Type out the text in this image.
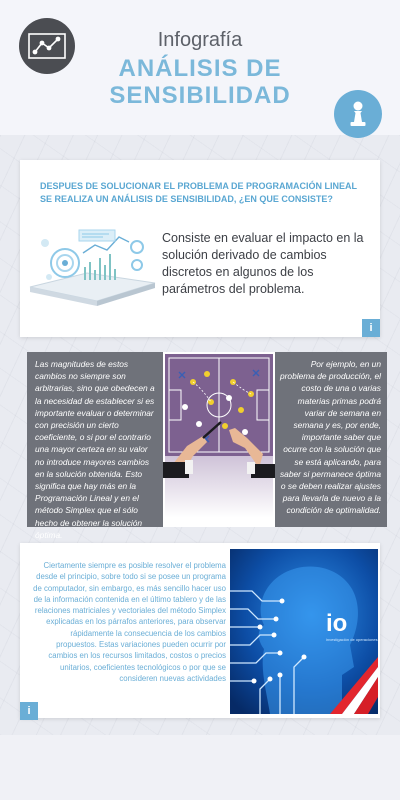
Infografía
ANÁLISIS DE
SENSIBILIDAD
DESPUES DE SOLUCIONAR EL PROBLEMA DE PROGRAMACIÓN LINEAL SE REALIZA UN ANÁLISIS DE SENSIBILIDAD, ¿EN QUE CONSISTE?
Consiste en evaluar el impacto en la solución derivado de cambios discretos en algunos de los parámetros del problema.
i
Las magnitudes de estos cambios no siempre son arbitrarias, sino que obedecen a la necesidad de establecer si es importante evaluar o determinar con precisión un cierto coeficiente, o si por el contrario una mayor certeza en su valor no introduce mayores cambios en la solución obtenida. Esto significa que hay más en la Programación Lineal y en el método Simplex que el sólo hecho de obtener la solución óptima.
Por ejemplo, en un problema de producción, el costo de una o varias materias primas podrá variar de semana en semana y es, por ende, importante saber que ocurre con la solución que se está aplicando, para saber si permanece óptima o se deben realizar ajustes para llevarla de nuevo a la condición de optimalidad.
Ciertamente siempre es posible resolver el problema desde el principio, sobre todo si se posee un programa de computador, sin embargo, es más sencillo hacer uso de la información contenida en el último tablero y de las relaciones matriciales y vectoriales del método Simplex explicadas en los párrafos anteriores, para observar rápidamente la consecuencia de los cambios propuestos. Estas variaciones pueden ocurrir por cambios en los recursos limitados, costos o precios unitarios, coeficientes tecnológicos o por que se consideren nuevas actividades
io
investigación de operaciones
i
